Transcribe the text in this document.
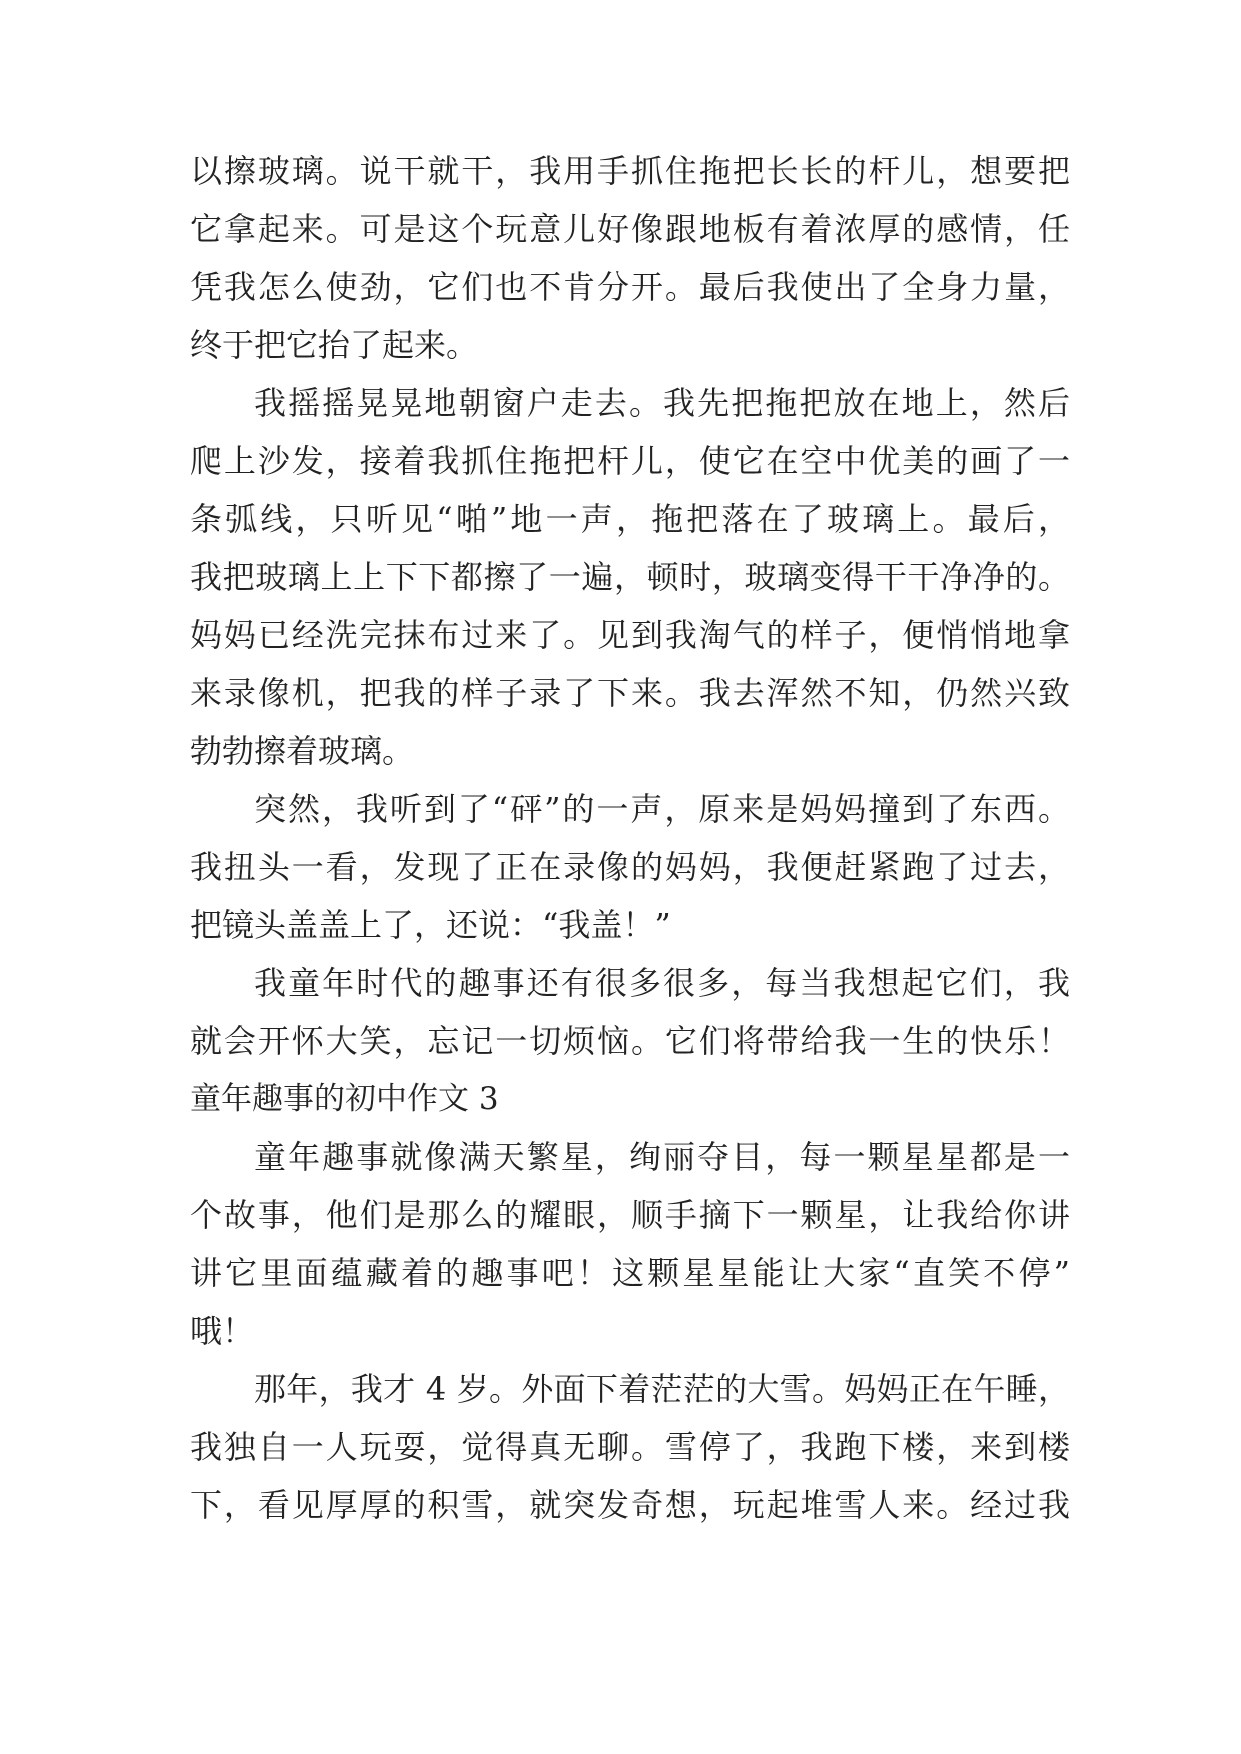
以擦玻璃。说干就干，我用手抓住拖把长长的杆儿，想要把
它拿起来。可是这个玩意儿好像跟地板有着浓厚的感情，任
凭我怎么使劲，它们也不肯分开。最后我使出了全身力量，
终于把它抬了起来。
我摇摇晃晃地朝窗户走去。我先把拖把放在地上，然后
爬上沙发，接着我抓住拖把杆儿，使它在空中优美的画了一
条弧线，只听见“啪”地一声，拖把落在了玻璃上。最后，
我把玻璃上上下下都擦了一遍，顿时，玻璃变得干干净净的。
妈妈已经洗完抹布过来了。见到我淘气的样子，便悄悄地拿
来录像机，把我的样子录了下来。我去浑然不知，仍然兴致
勃勃擦着玻璃。
突然，我听到了“砰”的一声，原来是妈妈撞到了东西。
我扭头一看，发现了正在录像的妈妈，我便赶紧跑了过去，
把镜头盖盖上了，还说：“我盖！”
我童年时代的趣事还有很多很多，每当我想起它们，我
就会开怀大笑，忘记一切烦恼。它们将带给我一生的快乐！
童年趣事的初中作文 3
童年趣事就像满天繁星，绚丽夺目，每一颗星星都是一
个故事，他们是那么的耀眼，顺手摘下一颗星，让我给你讲
讲它里面蕴藏着的趣事吧！这颗星星能让大家“直笑不停”
哦！
那年，我才 4 岁。外面下着茫茫的大雪。妈妈正在午睡，
我独自一人玩耍，觉得真无聊。雪停了，我跑下楼，来到楼
下，看见厚厚的积雪，就突发奇想，玩起堆雪人来。经过我
